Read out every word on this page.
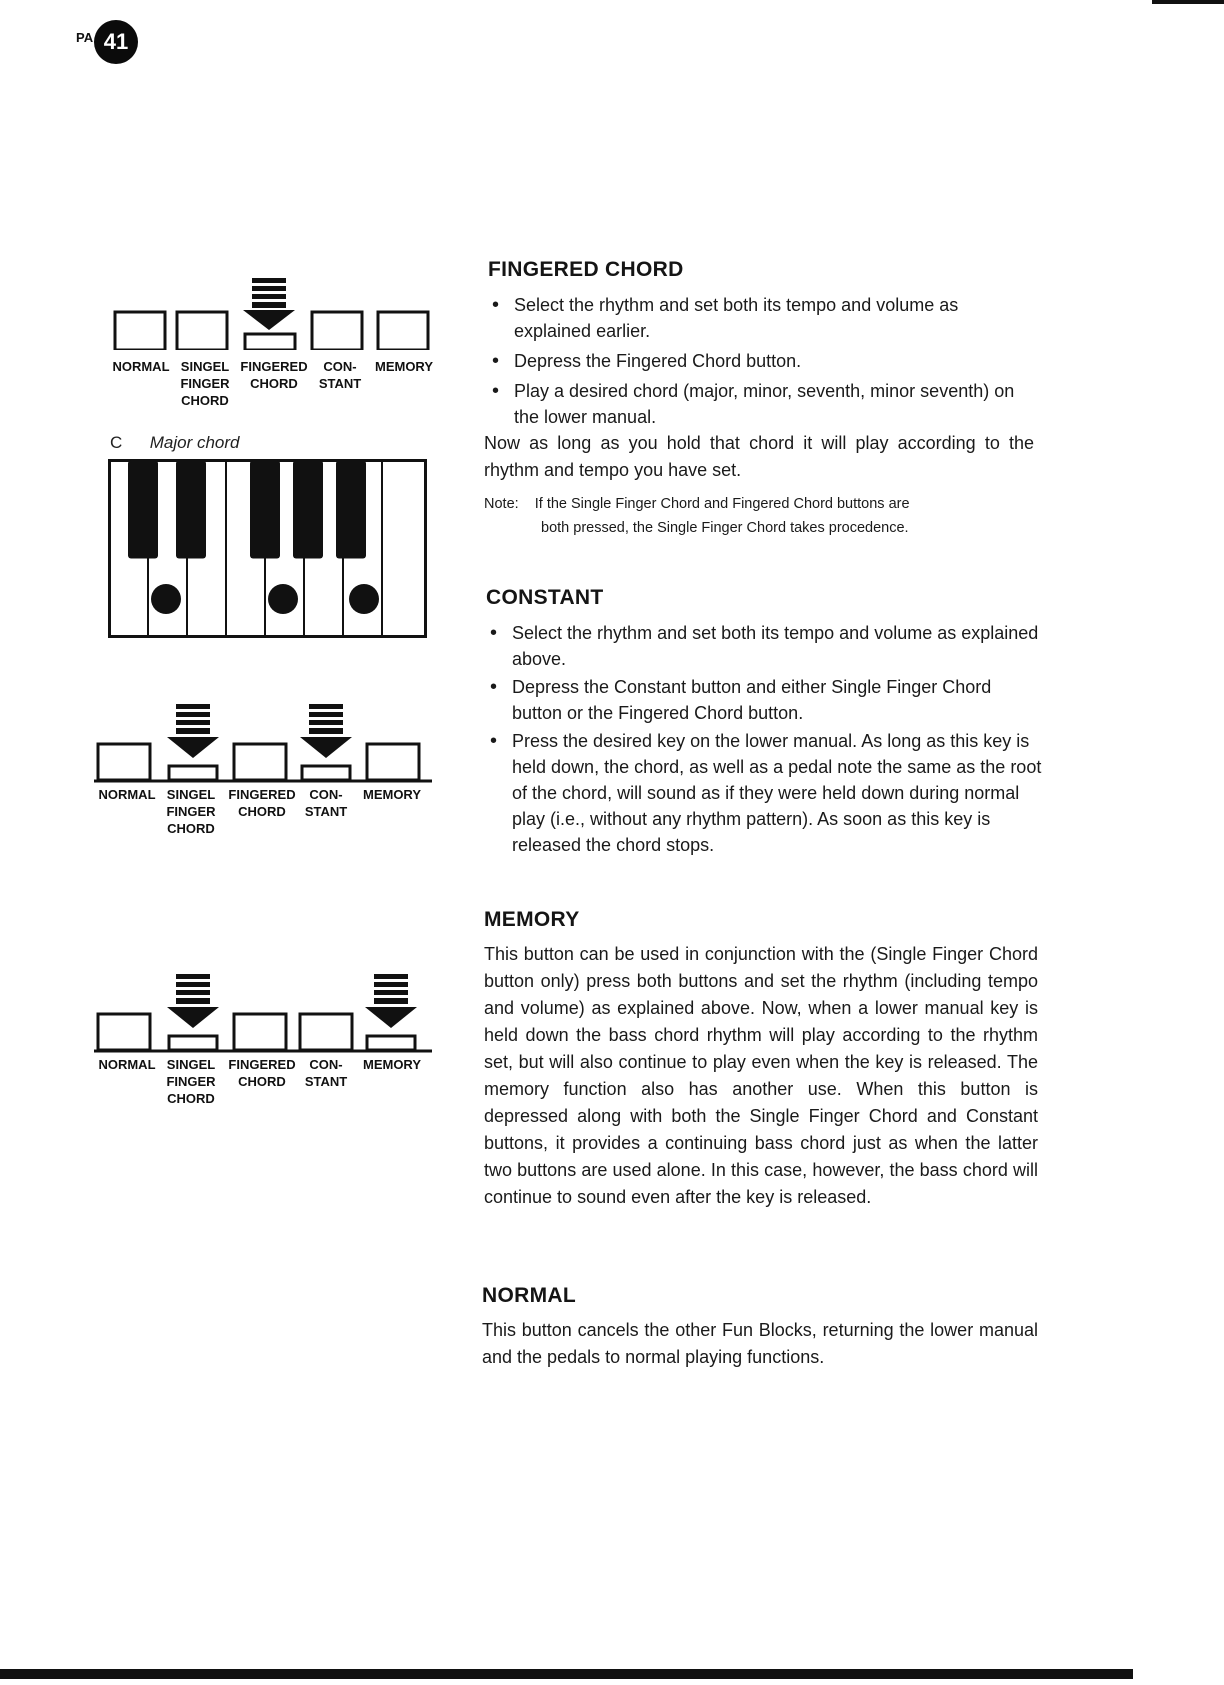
PA 41
NORMAL SINGEL
FINGER
CHORD
FINGERED
CHORD
CON-
STANT
MEMORY
C Major chord
NORMAL SINGEL
FINGER
CHORD
FINGERED
CHORD
CON-
STANT
MEMORY
NORMAL SINGEL
FINGER
CHORD
FINGERED
CHORD
CON-
STANT
MEMORY
FINGERED CHORD
• Select the rhythm and set both its tempo and volume as explained earlier.
• Depress the Fingered Chord button.
• Play a desired chord (major, minor, seventh, minor seventh) on the lower manual.
Now as long as you hold that chord it will play according to the rhythm and tempo you have set.
Note: If the Single Finger Chord and Fingered Chord buttons are
both pressed, the Single Finger Chord takes procedence.
CONSTANT
• Select the rhythm and set both its tempo and volume as explained above.
• Depress the Constant button and either Single Finger Chord button or the Fingered Chord button.
• Press the desired key on the lower manual. As long as this key is held down, the chord, as well as a pedal note the same as the root of the chord, will sound as if they were held down during normal play (i.e., without any rhythm pattern). As soon as this key is released the chord stops.
MEMORY
This button can be used in conjunction with the (Single Finger Chord button only) press both buttons and set the rhythm (including tempo and volume) as explained above. Now, when a lower manual key is held down the bass chord rhythm will play according to the rhythm set, but will also continue to play even when the key is released. The memory function also has another use. When this button is depressed along with both the Single Finger Chord and Constant buttons, it provides a continuing bass chord just as when the latter two buttons are used alone. In this case, however, the bass chord will continue to sound even after the key is released.
NORMAL
This button cancels the other Fun Blocks, returning the lower manual and the pedals to normal playing functions.
